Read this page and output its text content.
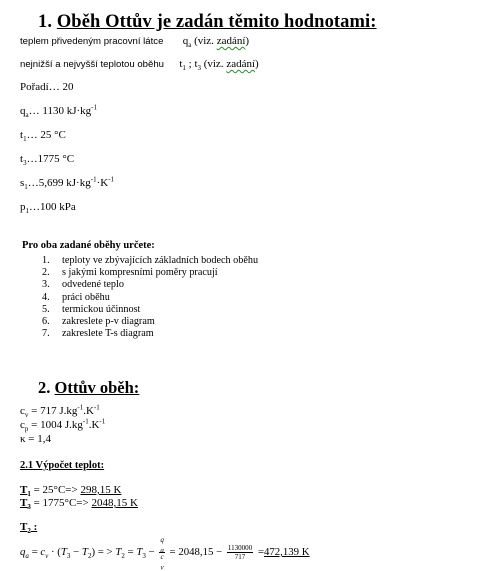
1. Oběh Ottův je zadán těmito hodnotami:
teplem přivedeným pracovní látce $q_a$ (viz. zadání)
nejnižší a nejvyšší teplotou oběhu $t_1$ ; $t_3$ (viz. zadání)
Pořadí… 20
$q_a\dots$ 1130 $kJ\cdot kg^{-1}$
$t_1\dots$ 25 °C
$t_3\dots 1775$ °C
$s_1\dots 5,699$ $kJ\cdot kg^{-1}\cdot K^{-1}$
$p_1\dots 100$ kPa
Pro oba zadané oběhy určete:
1. teploty ve zbývajících základních bodech oběhu
2. s jakými kompresními poměry pracují
3. odvedené teplo
4. práci oběhu
5. termickou účinnost
6. zakreslete p-v diagram
7. zakreslete T-s diagram
2. Ottův oběh:
$c_v = 717$ $J.kg^{-1}.K^{-1}$
$c_p = 1004$ $J.kg^{-1}.K^{-1}$
κ = 1,4
2.1 Výpočet teplot:
$T_1 = 25^\circ C=> 298,15$ K
$T_3 = 1775^\circ C=> 2048,15$ K
$T_2$ :
$q_a = c_v \cdot (T_3 - T_2)$ = > $T_2 = T_3 - q$
$_a$
c
$_v = 2048,15 - \frac{1130000}{717} =472,139$ K
